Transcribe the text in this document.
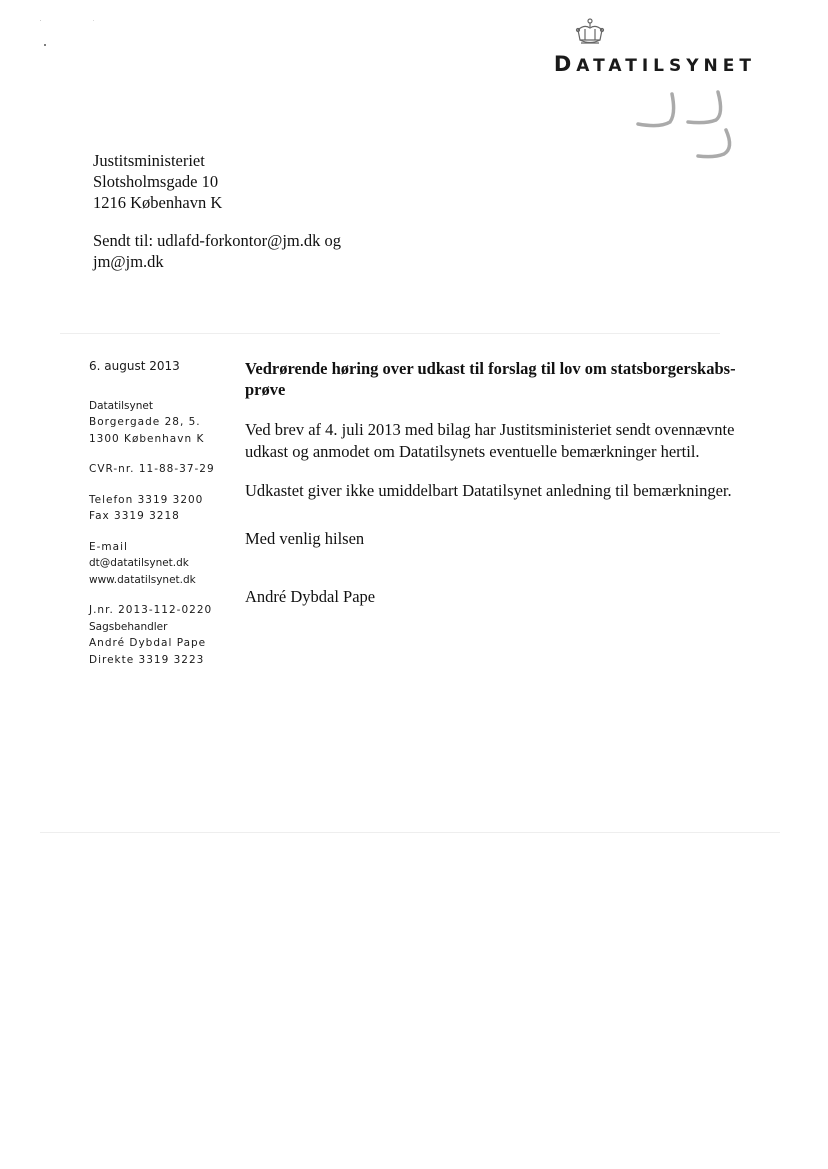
DATATILSYNET
Justitsministeriet
Slotsholmsgade 10
1216 København K
Sendt til: udlafd-forkontor@jm.dk og
jm@jm.dk
6. august 2013
Datatilsynet
Borgergade 28, 5.
1300 København K
CVR-nr. 11-88-37-29
Telefon 3319 3200
Fax 3319 3218
E-mail
dt@datatilsynet.dk
www.datatilsynet.dk
J.nr. 2013-112-0220
Sagsbehandler
André Dybdal Pape
Direkte 3319 3223
Vedrørende høring over udkast til forslag til lov om statsborgerskabs-prøve
Ved brev af 4. juli 2013 med bilag har Justitsministeriet sendt ovennævnte udkast og anmodet om Datatilsynets eventuelle bemærkninger hertil.
Udkastet giver ikke umiddelbart Datatilsynet anledning til bemærkninger.
Med venlig hilsen
André Dybdal Pape
